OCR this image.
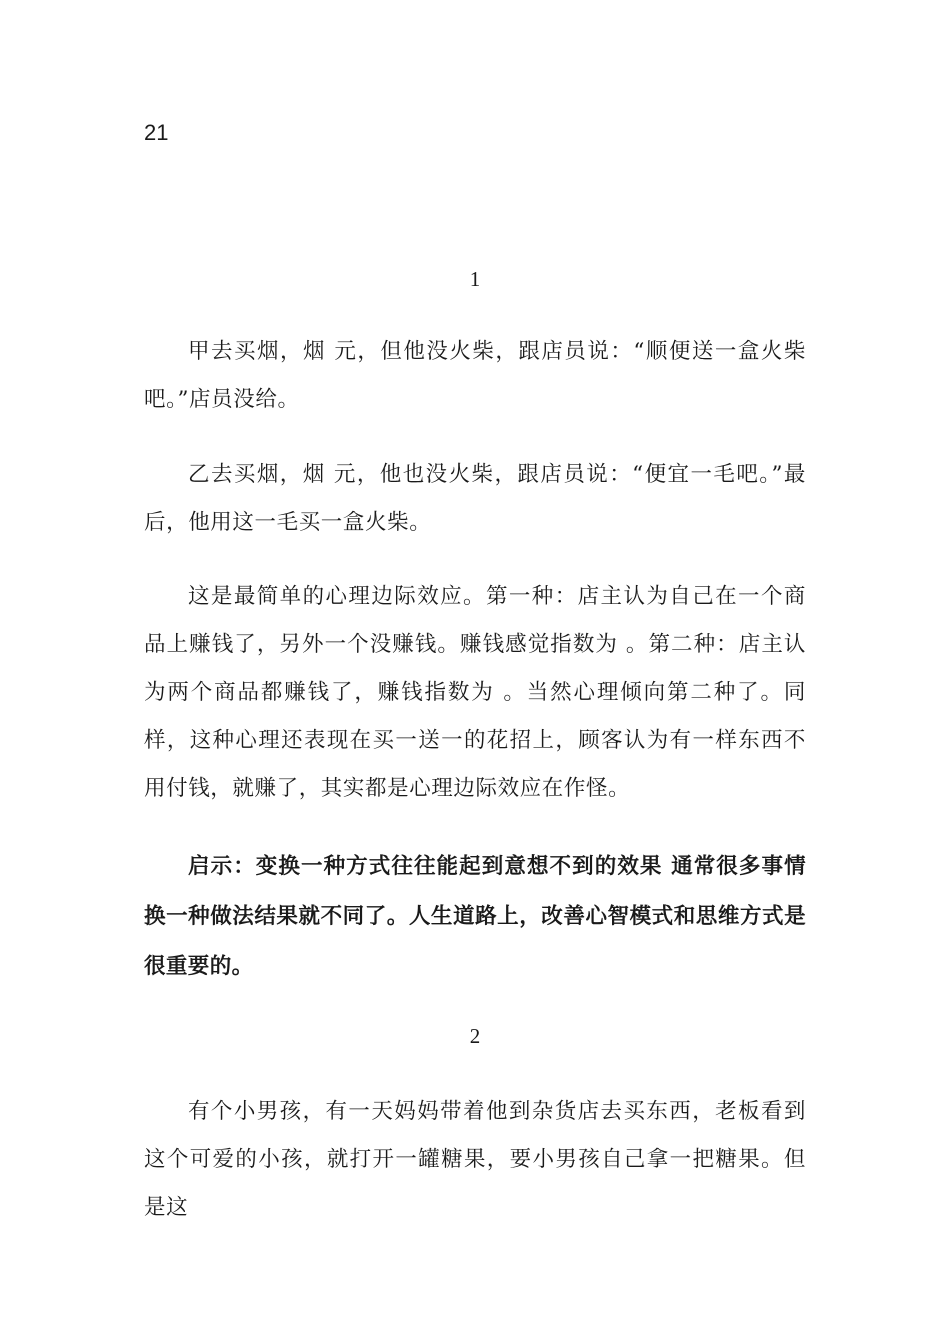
21
1

甲去买烟，烟 元，但他没火柴，跟店员说：“顺便送一盒火柴吧。”店员没给。

乙去买烟，烟 元，他也没火柴，跟店员说：“便宜一毛吧。”最后，他用这一毛买一盒火柴。

这是最简单的心理边际效应。第一种：店主认为自己在一个商品上赚钱了，另外一个没赚钱。赚钱感觉指数为 。第二种：店主认为两个商品都赚钱了，赚钱指数为 。当然心理倾向第二种了。同样，这种心理还表现在买一送一的花招上，顾客认为有一样东西不用付钱，就赚了，其实都是心理边际效应在作怪。

启示：变换一种方式往往能起到意想不到的效果 通常很多事情换一种做法结果就不同了。人生道路上，改善心智模式和思维方式是很重要的。

2

有个小男孩，有一天妈妈带着他到杂货店去买东西，老板看到这个可爱的小孩，就打开一罐糖果，要小男孩自己拿一把糖果。但是这
